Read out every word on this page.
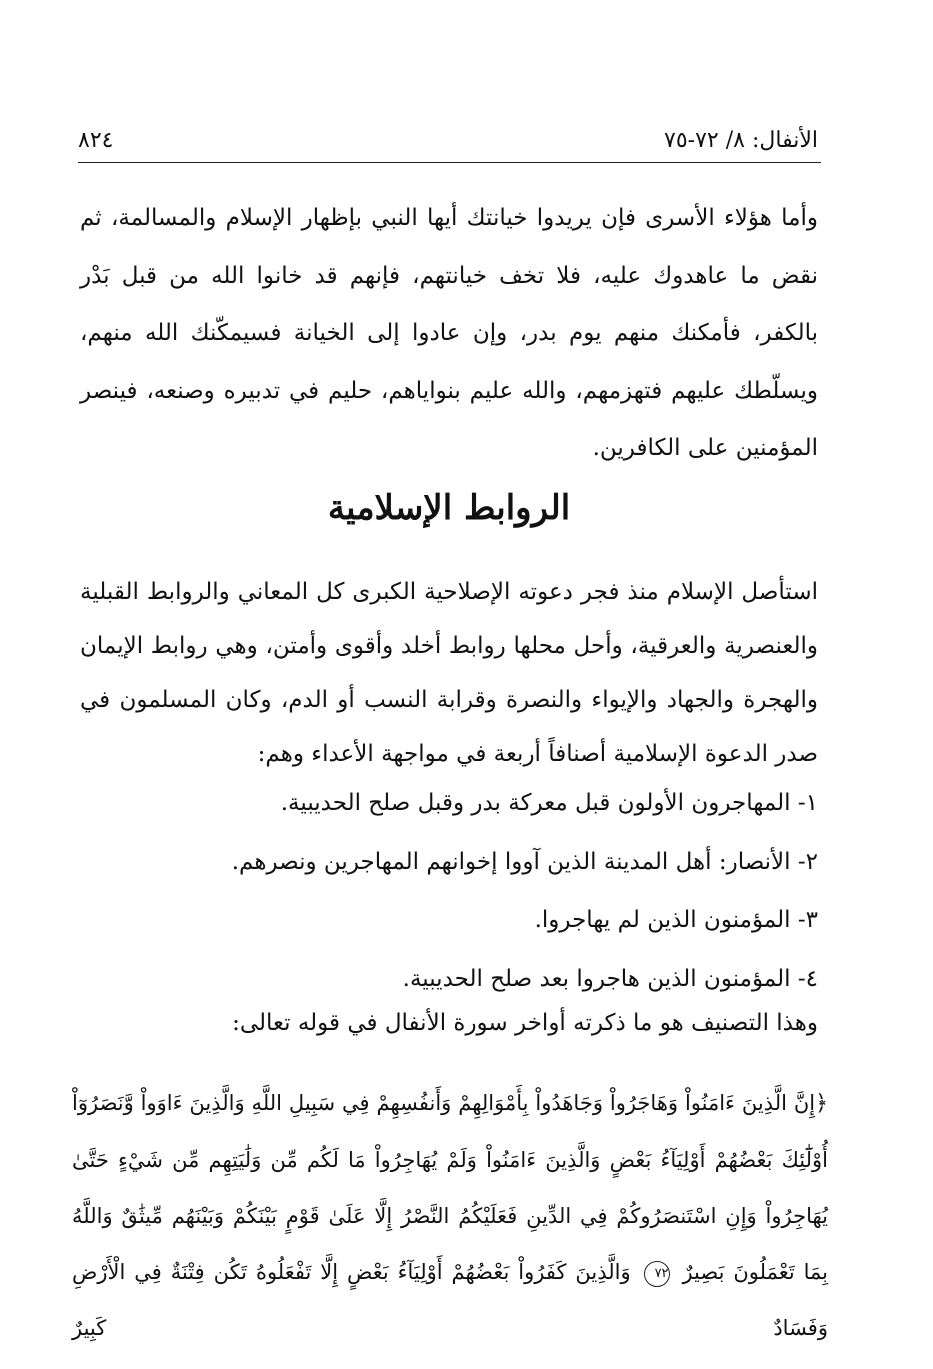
الأنفال: ٨/ ٧٢-٧٥
٨٢٤
وأما هؤلاء الأسرى فإن يريدوا خيانتك أيها النبي بإظهار الإسلام والمسالمة، ثم نقض ما عاهدوك عليه، فلا تخف خيانتهم، فإنهم قد خانوا الله من قبل بَدْر بالكفر، فأمكنك منهم يوم بدر، وإن عادوا إلى الخيانة فسيمكّنك الله منهم، ويسلّطك عليهم فتهزمهم، والله عليم بنواياهم، حليم في تدبيره وصنعه، فينصر المؤمنين على الكافرين.
الروابط الإسلامية
استأصل الإسلام منذ فجر دعوته الإصلاحية الكبرى كل المعاني والروابط القبلية والعنصرية والعرقية، وأحل محلها روابط أخلد وأقوى وأمتن، وهي روابط الإيمان والهجرة والجهاد والإيواء والنصرة وقرابة النسب أو الدم، وكان المسلمون في صدر الدعوة الإسلامية أصنافاً أربعة في مواجهة الأعداء وهم:
١- المهاجرون الأولون قبل معركة بدر وقبل صلح الحديبية.
٢- الأنصار: أهل المدينة الذين آووا إخوانهم المهاجرين ونصرهم.
٣- المؤمنون الذين لم يهاجروا.
٤- المؤمنون الذين هاجروا بعد صلح الحديبية.
وهذا التصنيف هو ما ذكرته أواخر سورة الأنفال في قوله تعالى:
﴿إِنَّ الَّذِينَ ءَامَنُواْ وَهَاجَرُواْ وَجَاهَدُواْ بِأَمْوَالِهِمْ وَأَنفُسِهِمْ فِي سَبِيلِ اللَّهِ وَالَّذِينَ ءَاوَواْ وَّنَصَرُوٓاْ أُوْلَٰٓئِكَ بَعْضُهُمْ أَوْلِيَآءُ بَعْضٍ وَالَّذِينَ ءَامَنُواْ وَلَمْ يُهَاجِرُواْ مَا لَكُم مِّن وَلَٰيَتِهِم مِّن شَيْءٍ حَتَّىٰ يُهَاجِرُواْ وَإِنِ اسْتَنصَرُوكُمْ فِي الدِّينِ فَعَلَيْكُمُ النَّصْرُ إِلَّا عَلَىٰ قَوْمٍ بَيْنَكُمْ وَبَيْنَهُم مِّيثَٰقٌ وَاللَّهُ بِمَا تَعْمَلُونَ بَصِيرٌ ٧٢ وَالَّذِينَ كَفَرُواْ بَعْضُهُمْ أَوْلِيَآءُ بَعْضٍ إِلَّا تَفْعَلُوهُ تَكُن فِتْنَةٌ فِي الْأَرْضِ وَفَسَادٌ كَبِيرٌ
